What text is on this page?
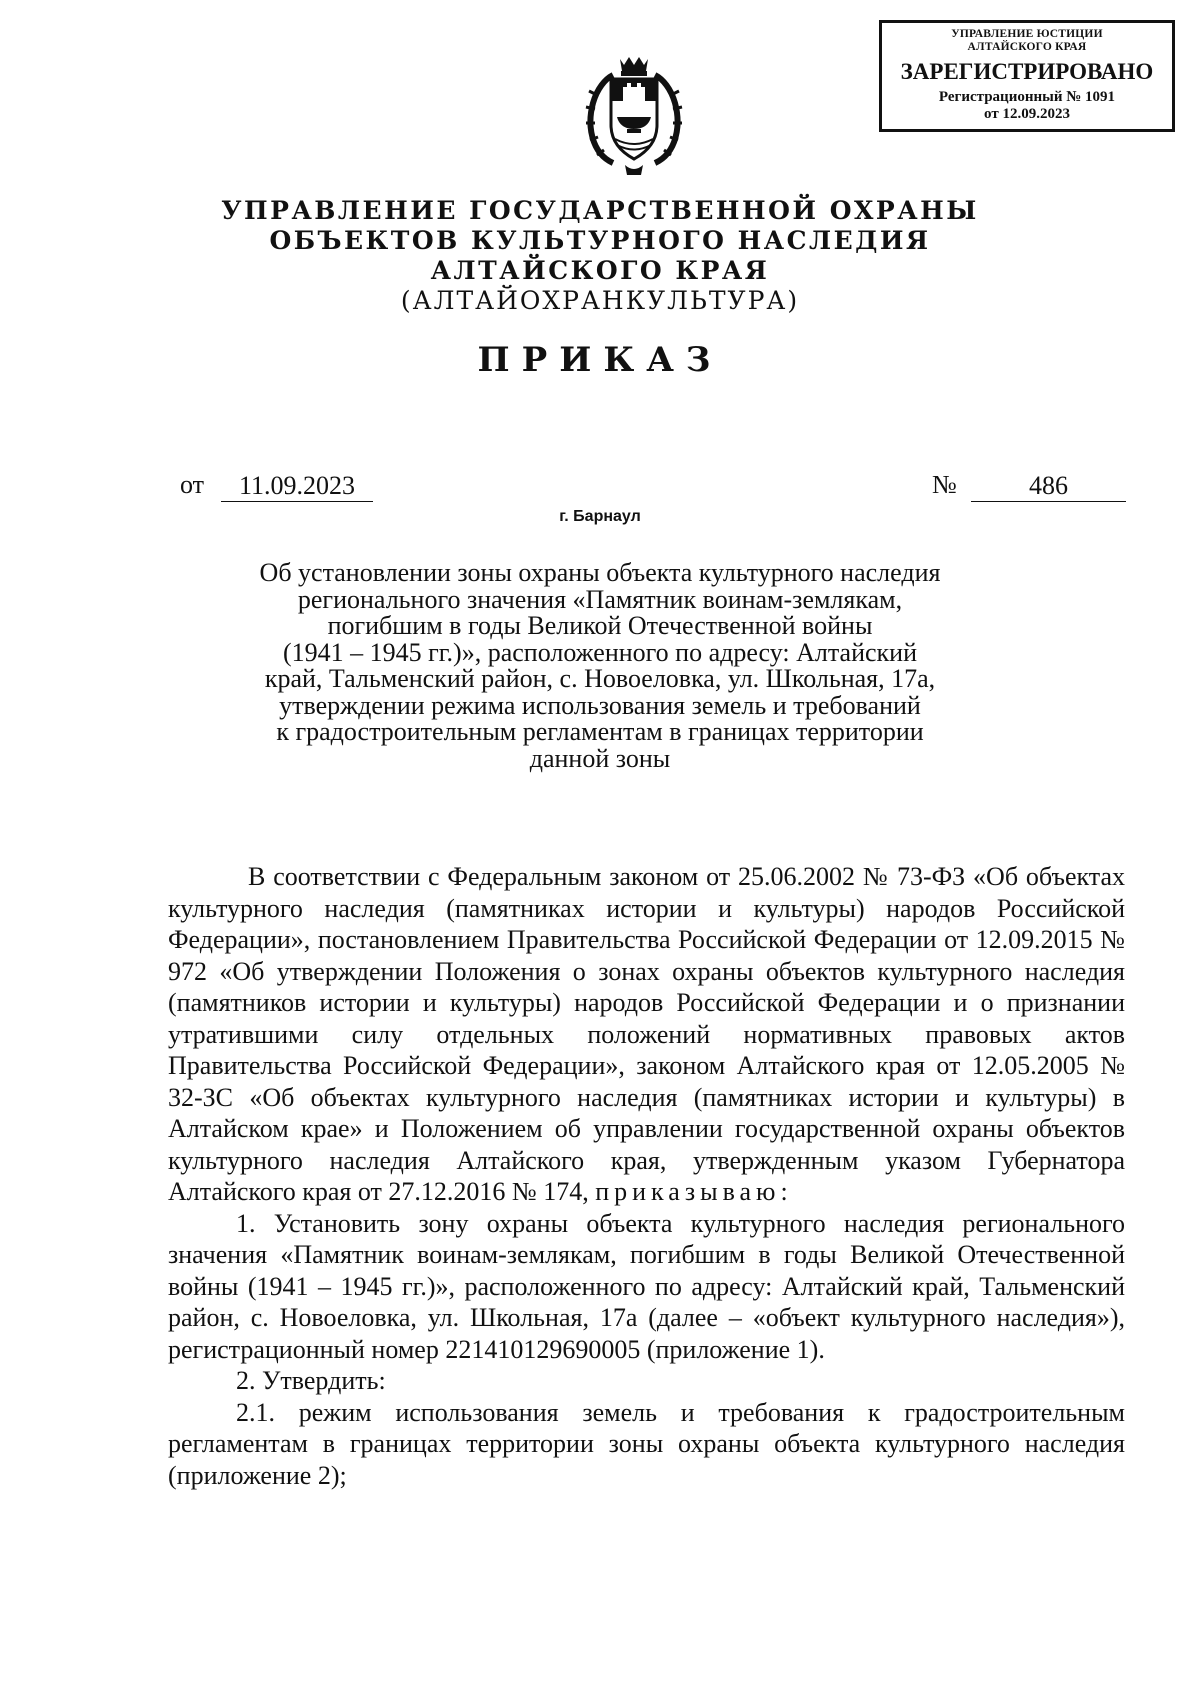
УПРАВЛЕНИЕ ЮСТИЦИИ
АЛТАЙСКОГО КРАЯ
ЗАРЕГИСТРИРОВАНО
Регистрационный № 1091
от 12.09.2023
УПРАВЛЕНИЕ ГОСУДАРСТВЕННОЙ ОХРАНЫ
ОБЪЕКТОВ КУЛЬТУРНОГО НАСЛЕДИЯ
АЛТАЙСКОГО КРАЯ
(АЛТАЙОХРАНКУЛЬТУРА)
ПРИКАЗ
от	11.09.2023	№	486
г. Барнаул
Об установлении зоны охраны объекта культурного наследия
регионального значения «Памятник воинам-землякам,
погибшим в годы Великой Отечественной войны
(1941 – 1945 гг.)», расположенного по адресу: Алтайский
край, Тальменский район, с. Новоеловка, ул. Школьная, 17а,
утверждении режима использования земель и требований
к градостроительным регламентам в границах территории
данной зоны

В соответствии с Федеральным законом от 25.06.2002 № 73-ФЗ «Об объектах культурного наследия (памятниках истории и культуры) народов Российской Федерации», постановлением Правительства Российской Федерации от 12.09.2015 № 972 «Об утверждении Положения о зонах охраны объектов культурного наследия (памятников истории и культуры) народов Российской Федерации и о признании утратившими силу отдельных положений нормативных правовых актов Правительства Российской Федерации», законом Алтайского края от 12.05.2005 № 32-ЗС «Об объектах культурного наследия (памятниках истории и культуры) в Алтайском крае» и Положением об управлении государственной охраны объектов культурного наследия Алтайского края, утвержденным указом Губернатора Алтайского края от 27.12.2016 № 174, приказываю:

1. Установить зону охраны объекта культурного наследия регионального значения «Памятник воинам-землякам, погибшим в годы Великой Отечественной войны (1941 – 1945 гг.)», расположенного по адресу: Алтайский край, Тальменский район, с. Новоеловка, ул. Школьная, 17а (далее – «объект культурного наследия»), регистрационный номер 221410129690005 (приложение 1).

2. Утвердить:

2.1. режим использования земель и требования к градостроительным регламентам в границах территории зоны охраны объекта культурного наследия (приложение 2);
